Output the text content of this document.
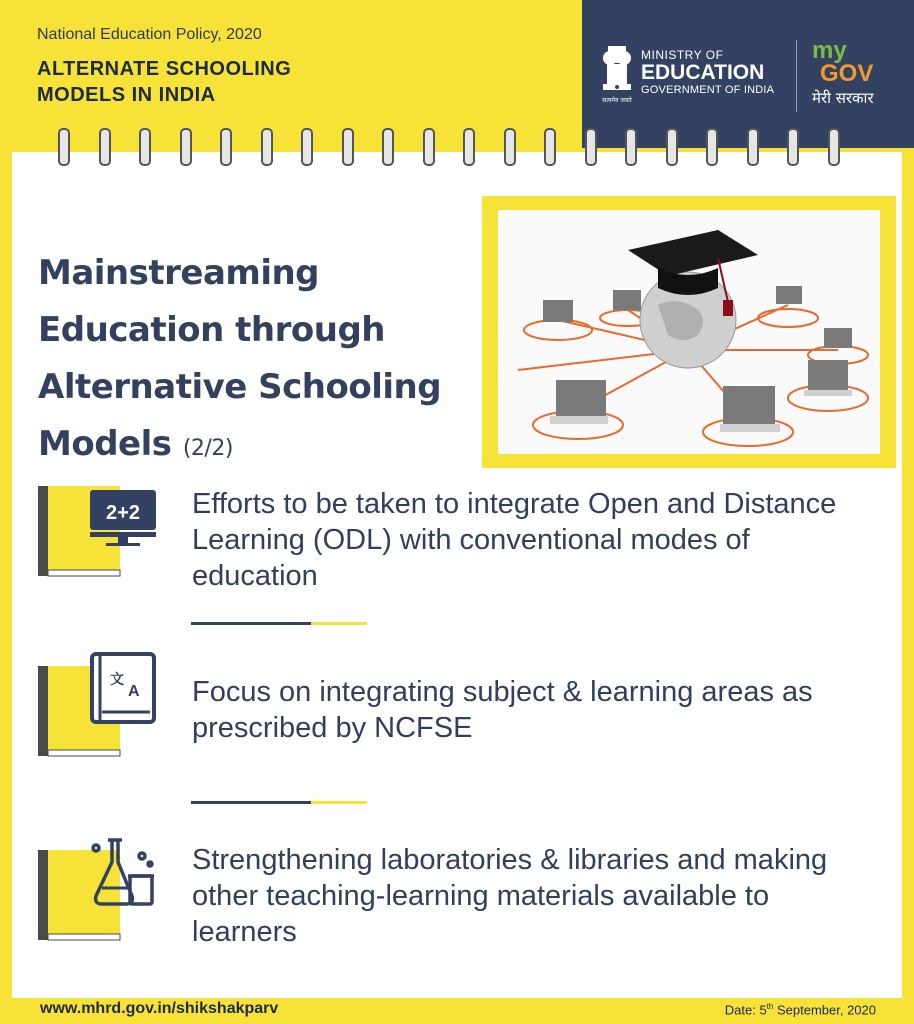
National Education Policy, 2020
ALTERNATE SCHOOLING MODELS IN INDIA	सत्यमेव जयते
MINISTRY OF
EDUCATION
GOVERNMENT OF INDIA
my
GOV
मेरी सरकार
Mainstreaming Education through Alternative Schooling Models (2/2)
2+2 Efforts to be taken to integrate Open and Distance Learning (ODL) with conventional modes of education
文
A Focus on integrating subject & learning areas as prescribed by NCFSE
Strengthening laboratories & libraries and making other teaching-learning materials available to learners
www.mhrd.gov.in/shikshakparv	Date: 5th September, 2020
